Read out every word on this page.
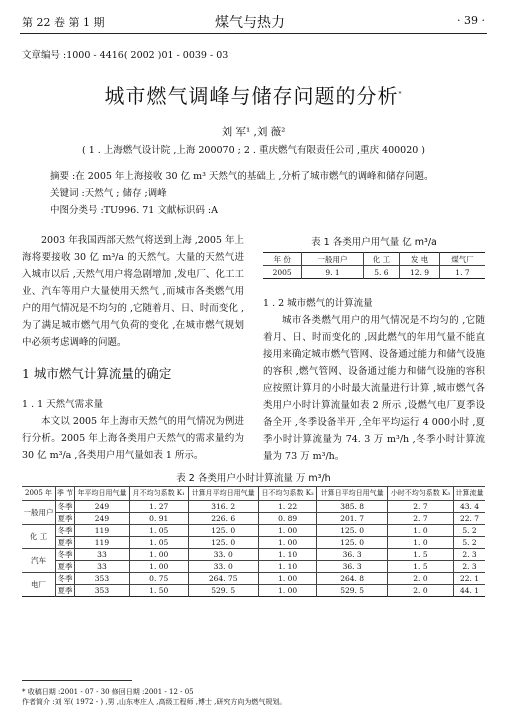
第 22 卷 第 1 期	煤气与热力	· 39 ·
文章编号 :1000 - 4416( 2002 )01 - 0039 - 03
城市燃气调峰与储存问题的分析*
刘 军¹ ,刘 薇²
( 1 . 上海燃气设计院 ,上海 200070 ; 2 . 重庆燃气有限责任公司 ,重庆 400020 )
摘要 :在 2005 年上海接收 30 亿 m³ 天然气的基础上 ,分析了城市燃气的调峰和储存问题。
关键词 :天然气 ; 储存 ;调峰
中图分类号 :TU996. 71 文献标识码 :A

2003 年我国西部天然气将送到上海 ,2005 年上海将要接收 30 亿 m³/a 的天然气。大量的天然气进入城市以后 ,天然气用户将急剧增加 ,发电厂、化工工业、汽车等用户大量使用天然气 ,而城市各类燃气用户的用气情况是不均匀的 ,它随着月、日、时而变化 ,为了满足城市燃气用气负荷的变化 ,在城市燃气规划中必须考虑调峰的问题。

1 城市燃气计算流量的确定

1 . 1 天然气需求量

本文以 2005 年上海市天然气的用气情况为例进行分析。2005 年上海各类用户天然气的需求量约为 30 亿 m³/a ,各类用户用气量如表 1 所示。

表 1 各类用户用气量 亿 m³/a
年 份	一般用户	化 工	发 电	煤气厂
2005	9. 1	5. 6	12. 9	1. 7

1 . 2 城市燃气的计算流量

城市各类燃气用户的用气情况是不均匀的 ,它随着月、日、时而变化的 ,因此燃气的年用气量不能直接用来确定城市燃气管网、设备通过能力和储气设施的容积 ,燃气管网、设备通过能力和储气设施的容积应按照计算月的小时最大流量进行计算 ,城市燃气各类用户小时计算流量如表 2 所示 ,设燃气电厂夏季设备全开 ,冬季设备半开 ,全年平均运行 4 000小时 ,夏季小时计算流量为 74. 3 万 m³/h ,冬季小时计算流量为 73 万 m³/h。

表 2 各类用户小时计算流量 万 m³/h
2005 年	季 节	年平均日用气量	月不均匀系数 K₁	计算月平均日用气量	日不均匀系数 K₂	计算日平均日用气量	小时不均匀系数 K₃	计算流量
一般用户	冬季	249	1. 27	316. 2	1. 22	385. 8	2. 7	43. 4
	夏季	249	0. 91	226. 6	0. 89	201. 7	2. 7	22. 7
化 工	冬季	119	1. 05	125. 0	1. 00	125. 0	1. 0	5. 2
	夏季	119	1. 05	125. 0	1. 00	125. 0	1. 0	5. 2
汽车	冬季	33	1. 00	33. 0	1. 10	36. 3	1. 5	2. 3
	夏季	33	1. 00	33. 0	1. 10	36. 3	1. 5	2. 3
电厂	冬季	353	0. 75	264. 75	1. 00	264. 8	2. 0	22. 1
	夏季	353	1. 50	529. 5	1. 00	529. 5	2. 0	44. 1
* 收稿日期 :2001 - 07 - 30 修回日期 :2001 - 12 - 05
作者简介 :刘 军( 1972 - ) ,男 ,山东枣庄人 ,高级工程师 ,博士 ,研究方向为燃气规划。
